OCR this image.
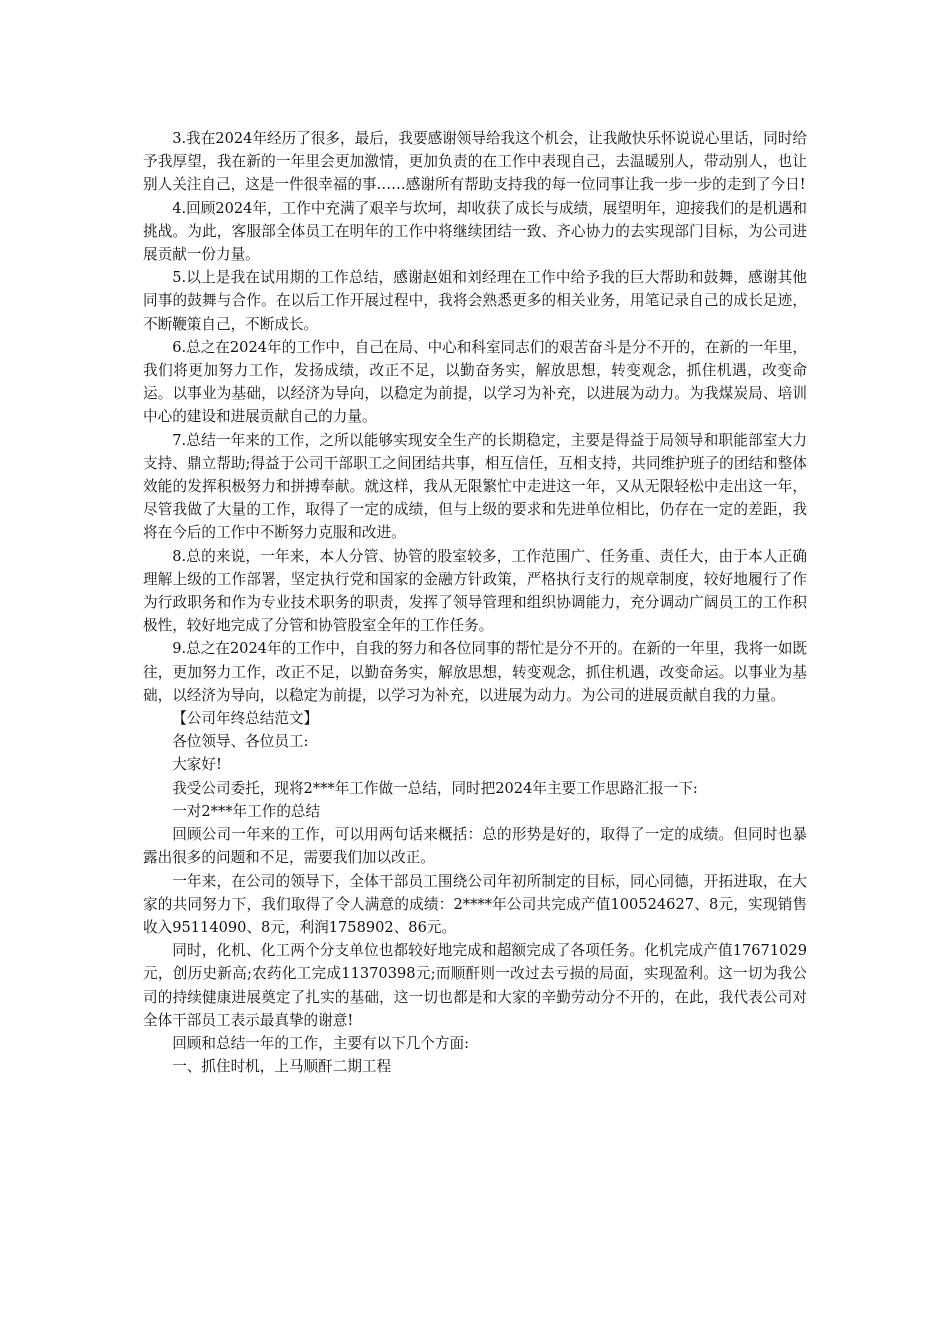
3.我在2024年经历了很多，最后，我要感谢领导给我这个机会，让我敞快乐怀说说心里话，同时给予我厚望，我在新的一年里会更加激情，更加负责的在工作中表现自己，去温暖别人，带动别人，也让别人关注自己，这是一件很幸福的事……感谢所有帮助支持我的每一位同事让我一步一步的走到了今日!

4.回顾2024年，工作中充满了艰辛与坎坷，却收获了成长与成绩，展望明年，迎接我们的是机遇和挑战。为此，客服部全体员工在明年的工作中将继续团结一致、齐心协力的去实现部门目标，为公司进展贡献一份力量。

5.以上是我在试用期的工作总结，感谢赵姐和刘经理在工作中给予我的巨大帮助和鼓舞，感谢其他同事的鼓舞与合作。在以后工作开展过程中，我将会熟悉更多的相关业务，用笔记录自己的成长足迹，不断鞭策自己，不断成长。

6.总之在2024年的工作中，自己在局、中心和科室同志们的艰苦奋斗是分不开的，在新的一年里，我们将更加努力工作，发扬成绩，改正不足，以勤奋务实，解放思想，转变观念，抓住机遇，改变命运。以事业为基础，以经济为导向，以稳定为前提，以学习为补充，以进展为动力。为我煤炭局、培训中心的建设和进展贡献自己的力量。

7.总结一年来的工作，之所以能够实现安全生产的长期稳定，主要是得益于局领导和职能部室大力支持、鼎立帮助;得益于公司干部职工之间团结共事，相互信任，互相支持，共同维护班子的团结和整体效能的发挥积极努力和拼搏奉献。就这样，我从无限繁忙中走进这一年，又从无限轻松中走出这一年，尽管我做了大量的工作，取得了一定的成绩，但与上级的要求和先进单位相比，仍存在一定的差距，我将在今后的工作中不断努力克服和改进。

8.总的来说，一年来，本人分管、协管的股室较多，工作范围广、任务重、责任大，由于本人正确理解上级的工作部署，坚定执行党和国家的金融方针政策，严格执行支行的规章制度，较好地履行了作为行政职务和作为专业技术职务的职责，发挥了领导管理和组织协调能力，充分调动广阔员工的工作积极性，较好地完成了分管和协管股室全年的工作任务。

9.总之在2024年的工作中，自我的努力和各位同事的帮忙是分不开的。在新的一年里，我将一如既往，更加努力工作，改正不足，以勤奋务实，解放思想，转变观念，抓住机遇，改变命运。以事业为基础，以经济为导向，以稳定为前提，以学习为补充，以进展为动力。为公司的进展贡献自我的力量。

【公司年终总结范文】

各位领导、各位员工:

大家好!

我受公司委托，现将2***年工作做一总结，同时把2024年主要工作思路汇报一下:

一对2***年工作的总结

回顾公司一年来的工作，可以用两句话来概括：总的形势是好的，取得了一定的成绩。但同时也暴露出很多的问题和不足，需要我们加以改正。

一年来，在公司的领导下，全体干部员工围绕公司年初所制定的目标，同心同德，开拓进取，在大家的共同努力下，我们取得了令人满意的成绩：2****年公司共完成产值100524627、8元，实现销售收入95114090、8元，利润1758902、86元。

同时，化机、化工两个分支单位也都较好地完成和超额完成了各项任务。化机完成产值17671029元，创历史新高;农药化工完成11370398元;而顺酐则一改过去亏损的局面，实现盈利。这一切为我公司的持续健康进展奠定了扎实的基础，这一切也都是和大家的辛勤劳动分不开的，在此，我代表公司对全体干部员工表示最真挚的谢意!

回顾和总结一年的工作，主要有以下几个方面:

一、抓住时机，上马顺酐二期工程
